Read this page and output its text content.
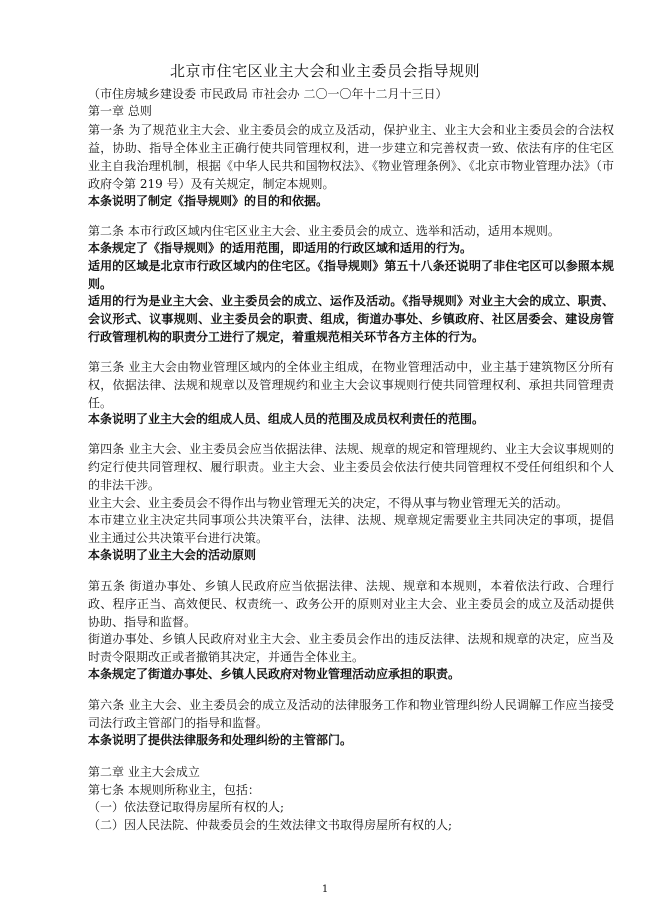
北京市住宅区业主大会和业主委员会指导规则
（市住房城乡建设委 市民政局 市社会办 二〇一〇年十二月十三日）
第一章 总则
第一条 为了规范业主大会、业主委员会的成立及活动，保护业主、业主大会和业主委员会的合法权益，协助、指导全体业主正确行使共同管理权利，进一步建立和完善权责一致、依法有序的住宅区业主自我治理机制，根据《中华人民共和国物权法》、《物业管理条例》、《北京市物业管理办法》（市政府令第 219 号）及有关规定，制定本规则。
本条说明了制定《指导规则》的目的和依据。
第二条 本市行政区域内住宅区业主大会、业主委员会的成立、选举和活动，适用本规则。
本条规定了《指导规则》的适用范围，即适用的行政区域和适用的行为。
适用的区域是北京市行政区域内的住宅区。《指导规则》第五十八条还说明了非住宅区可以参照本规则。
适用的行为是业主大会、业主委员会的成立、运作及活动。《指导规则》对业主大会的成立、职责、会议形式、议事规则、业主委员会的职责、组成，街道办事处、乡镇政府、社区居委会、建设房管行政管理机构的职责分工进行了规定，着重规范相关环节各方主体的行为。
第三条 业主大会由物业管理区域内的全体业主组成，在物业管理活动中，业主基于建筑物区分所有权，依据法律、法规和规章以及管理规约和业主大会议事规则行使共同管理权利、承担共同管理责任。
本条说明了业主大会的组成人员、组成人员的范围及成员权利责任的范围。
第四条 业主大会、业主委员会应当依据法律、法规、规章的规定和管理规约、业主大会议事规则的约定行使共同管理权、履行职责。业主大会、业主委员会依法行使共同管理权不受任何组织和个人的非法干涉。
业主大会、业主委员会不得作出与物业管理无关的决定，不得从事与物业管理无关的活动。
本市建立业主决定共同事项公共决策平台，法律、法规、规章规定需要业主共同决定的事项，提倡业主通过公共决策平台进行决策。
本条说明了业主大会的活动原则
第五条 街道办事处、乡镇人民政府应当依据法律、法规、规章和本规则，本着依法行政、合理行政、程序正当、高效便民、权责统一、政务公开的原则对业主大会、业主委员会的成立及活动提供协助、指导和监督。
街道办事处、乡镇人民政府对业主大会、业主委员会作出的违反法律、法规和规章的决定，应当及时责令限期改正或者撤销其决定，并通告全体业主。
本条规定了街道办事处、乡镇人民政府对物业管理活动应承担的职责。
第六条 业主大会、业主委员会的成立及活动的法律服务工作和物业管理纠纷人民调解工作应当接受司法行政主管部门的指导和监督。
本条说明了提供法律服务和处理纠纷的主管部门。
第二章 业主大会成立
第七条 本规则所称业主，包括：
（一）依法登记取得房屋所有权的人;
（二）因人民法院、仲裁委员会的生效法律文书取得房屋所有权的人;
1
